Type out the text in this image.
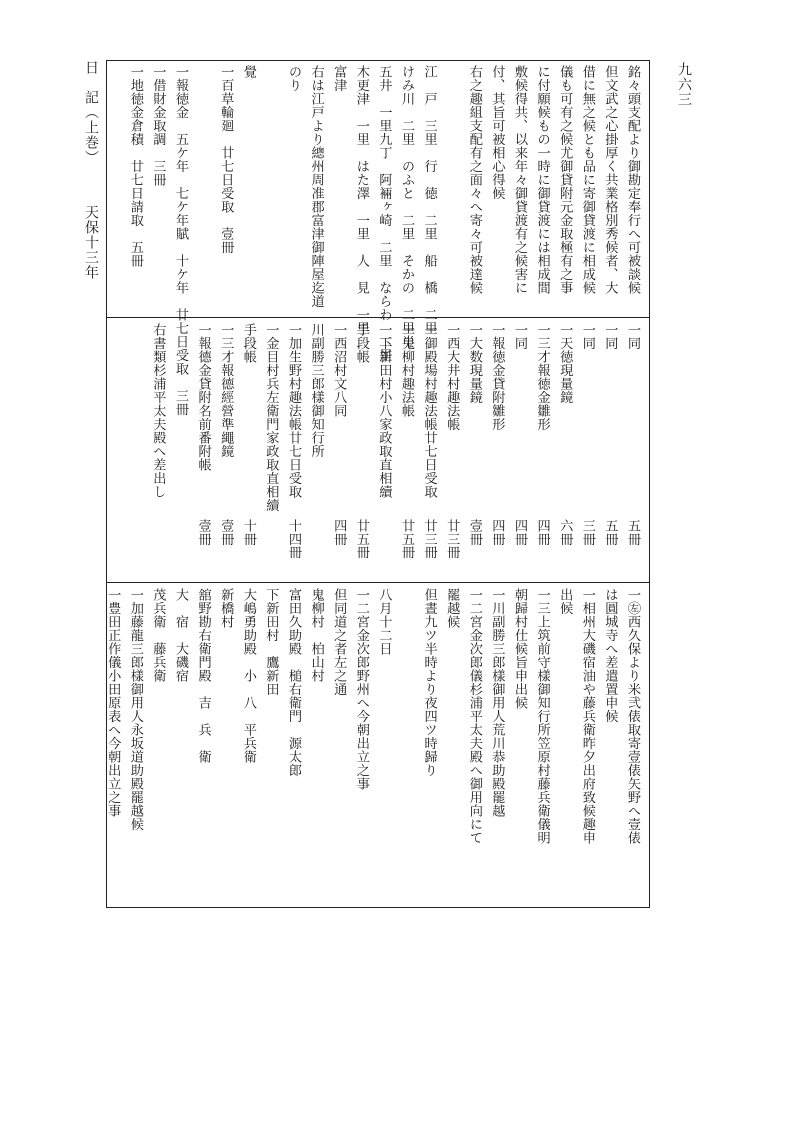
日　記（上巻）天保十三年
九六三
銘々頭支配より御勘定奉行へ可被談候
但文武之心掛厚く共業格別秀候者、大
借に無之候とも品に寄御貸渡に相成候
儀も可有之候尤御貸附元金取極有之事
に付願候もの一時に御貸渡には相成間
敷候得共、以来年々御貸渡有之候害に
付、其旨可被相心得候
右之趣組支配有之面々へ寄々可被達候
江　戸　三里　行　徳　二里　船　橋　二里
けみ川　二里　のふと　二里　そかの　二里半
五井　一里九丁　阿裲ヶ崎　二里　ならわ　二里
木更津　一里　はた澤　一里　人　見　一里
富津
右は江戸より總州周准郡富津御陣屋迄道
のり
覺
一百草輪廻　廿七日受取　壹冊
一報徳金　五ケ年　七ケ年賦　十ケ年　廿七日受取　三冊
一借財金取調　三冊
一地徳金倉積　廿七日請取　五冊
一同
五冊
一同
五冊
一同
三冊
一天徳現量鏡
六冊
一三才報徳金雛形
四冊
一同
四冊
一報徳金貸附雛形
四冊
一大数現量鏡
壹冊
一西大井村趣法帳
廿三冊
一御殿場村趣法帳廿七日受取
廿三冊
一鬼柳村趣法帳
廿五冊
一下新田村小八家政取直相續
手段帳
廿五冊
一西沼村文八同
四冊
川副勝三郎樣御知行所
一加生野村趣法帳廿七日受取
十四冊
一金目村兵左衛門家政取直相續
手段帳
十冊
一三才報德經營準繩鏡
壹冊
一報德金貸附名前番附帳
壹冊
右書類杉浦平太夫殿へ差出し
一㊧西久保より米弐俵取寄壹俵矢野へ壹俵
は圓城寺へ差遣置申候
一相州大磯宿油や藤兵衛昨夕出府致候趣申
出候
一三上筑前守樣御知行所笠原村藤兵衛儀明
朝歸村仕候旨申出候
一川副勝三郎樣御用人荒川恭助殿罷越
一二宮金次郎儀杉浦平太夫殿へ御用向にて
罷越候
但晝九ツ半時より夜四ツ時歸り
八月十二日
一二宮金次郎野州へ今朝出立之事
但同道之者左之通
鬼柳村　柏山村
富田久助殿　槌右衛門　源太郎
下新田村　鷹新田
大嶋勇助殿　小　八　平兵衛
新橋村
舘野勘右衛門殿　吉　兵　衛
大　宿　大磯宿
茂兵衛　藤兵衛
一加藤龍三郎樣御用人永坂道助殿罷越候
一豊田正作儀小田原表へ今朝出立之事
